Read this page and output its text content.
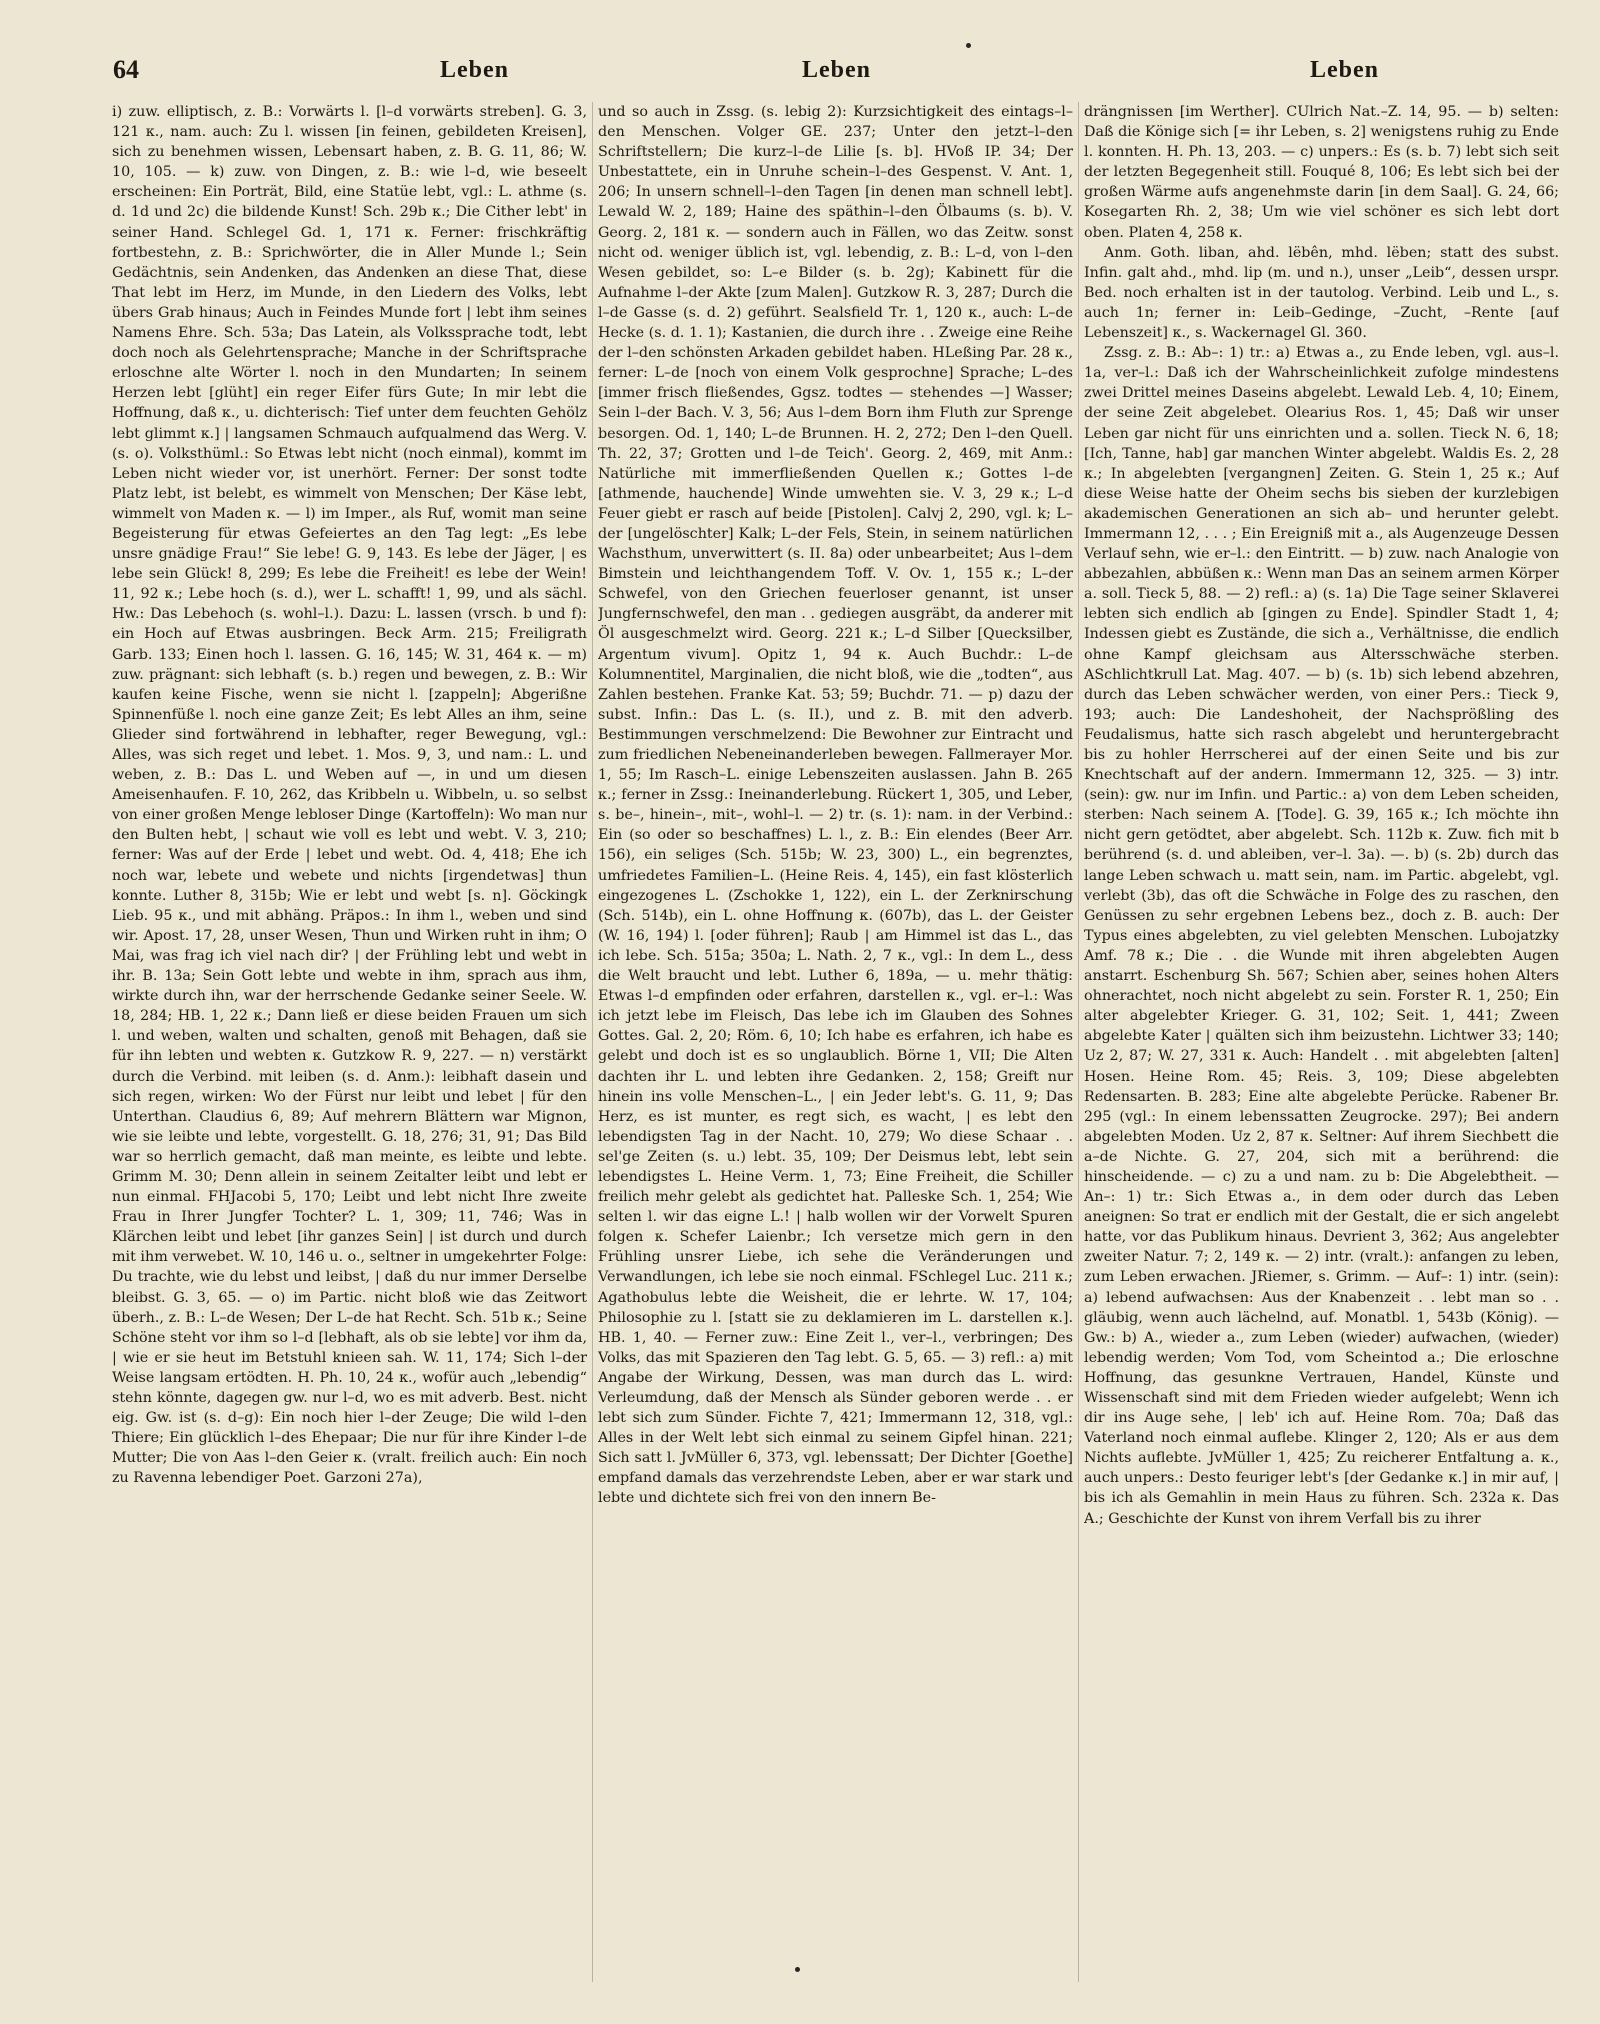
64	Leben	Leben	Leben

i) zuw. elliptisch, z. B.: Vorwärts l. [l–d vorwärts streben]. G. 3, 121 κ., nam. auch: Zu l. wissen [in feinen, gebildeten Kreisen], sich zu benehmen wissen, Lebensart haben, z. B. G. 11, 86; W. 10, 105. — k) zuw. von Dingen, z. B.: wie l–d, wie beseelt erscheinen: Ein Porträt, Bild, eine Statüe lebt, vgl.: L. athme (s. d. 1d und 2c) die bildende Kunst! Sch. 29b κ.; Die Cither lebt' in seiner Hand. Schlegel Gd. 1, 171 κ. Ferner: frischkräftig fortbestehn, z. B.: Sprichwörter, die in Aller Munde l.; Sein Gedächtnis, sein Andenken, das Andenken an diese That, diese That lebt im Herz, im Munde, in den Liedern des Volks, lebt übers Grab hinaus; Auch in Feindes Munde fort | lebt ihm seines Namens Ehre. Sch. 53a; Das Latein, als Volkssprache todt, lebt doch noch als Gelehrtensprache; Manche in der Schriftsprache erloschne alte Wörter l. noch in den Mundarten; In seinem Herzen lebt [glüht] ein reger Eifer fürs Gute; In mir lebt die Hoffnung, daß κ., u. dichterisch: Tief unter dem feuchten Gehölz lebt glimmt κ.] | langsamen Schmauch aufqualmend das Werg. V. (s. o). Volksthüml.: So Etwas lebt nicht (noch einmal), kommt im Leben nicht wieder vor, ist unerhört. Ferner: Der sonst todte Platz lebt, ist belebt, es wimmelt von Menschen; Der Käse lebt, wimmelt von Maden κ. — l) im Imper., als Ruf, womit man seine Begeisterung für etwas Gefeiertes an den Tag legt: „Es lebe unsre gnädige Frau!“ Sie lebe! G. 9, 143. Es lebe der Jäger, | es lebe sein Glück! 8, 299; Es lebe die Freiheit! es lebe der Wein! 11, 92 κ.; Lebe hoch (s. d.), wer L. schafft! 1, 99, und als sächl. Hw.: Das Lebehoch (s. wohl–l.). Dazu: L. lassen (vrsch. b und f): ein Hoch auf Etwas ausbringen. Beck Arm. 215; Freiligrath Garb. 133; Einen hoch l. lassen. G. 16, 145; W. 31, 464 κ. — m) zuw. prägnant: sich lebhaft (s. b.) regen und bewegen, z. B.: Wir kaufen keine Fische, wenn sie nicht l. [zappeln]; Abgerißne Spinnenfüße l. noch eine ganze Zeit; Es lebt Alles an ihm, seine Glieder sind fortwährend in lebhafter, reger Bewegung, vgl.: Alles, was sich reget und lebet. 1. Mos. 9, 3, und nam.: L. und weben, z. B.: Das L. und Weben auf —, in und um diesen Ameisenhaufen. F. 10, 262, das Kribbeln u. Wibbeln, u. so selbst von einer großen Menge lebloser Dinge (Kartoffeln): Wo man nur den Bulten hebt, | schaut wie voll es lebt und webt. V. 3, 210; ferner: Was auf der Erde | lebet und webt. Od. 4, 418; Ehe ich noch war, lebete und webete und nichts [irgendetwas] thun konnte. Luther 8, 315b; Wie er lebt und webt [s. n]. Göckingk Lieb. 95 κ., und mit abhäng. Präpos.: In ihm l., weben und sind wir. Apost. 17, 28, unser Wesen, Thun und Wirken ruht in ihm; O Mai, was frag ich viel nach dir? | der Frühling lebt und webt in ihr. B. 13a; Sein Gott lebte und webte in ihm, sprach aus ihm, wirkte durch ihn, war der herrschende Gedanke seiner Seele. W. 18, 284; HB. 1, 22 κ.; Dann ließ er diese beiden Frauen um sich l. und weben, walten und schalten, genoß mit Behagen, daß sie für ihn lebten und webten κ. Gutzkow R. 9, 227. — n) verstärkt durch die Verbind. mit leiben (s. d. Anm.): leibhaft dasein und sich regen, wirken: Wo der Fürst nur leibt und lebet | für den Unterthan. Claudius 6, 89; Auf mehrern Blättern war Mignon, wie sie leibte und lebte, vorgestellt. G. 18, 276; 31, 91; Das Bild war so herrlich gemacht, daß man meinte, es leibte und lebte. Grimm M. 30; Denn allein in seinem Zeitalter leibt und lebt er nun einmal. FHJacobi 5, 170; Leibt und lebt nicht Ihre zweite Frau in Ihrer Jungfer Tochter? L. 1, 309; 11, 746; Was in Klärchen leibt und lebet [ihr ganzes Sein] | ist durch und durch mit ihm verwebet. W. 10, 146 u. o., seltner in umgekehrter Folge: Du trachte, wie du lebst und leibst, | daß du nur immer Derselbe bleibst. G. 3, 65. — o) im Partic. nicht bloß wie das Zeitwort überh., z. B.: L–de Wesen; Der L–de hat Recht. Sch. 51b κ.; Seine Schöne steht vor ihm so l–d [lebhaft, als ob sie lebte] vor ihm da, | wie er sie heut im Betstuhl knieen sah. W. 11, 174; Sich l–der Weise langsam ertödten. H. Ph. 10, 24 κ., wofür auch „lebendig“ stehn könnte, dagegen gw. nur l–d, wo es mit adverb. Best. nicht eig. Gw. ist (s. d–g): Ein noch hier l–der Zeuge; Die wild l–den Thiere; Ein glücklich l–des Ehepaar; Die nur für ihre Kinder l–de Mutter; Die von Aas l–den Geier κ. (vralt. freilich auch: Ein noch zu Ravenna lebendiger Poet. Garzoni 27a),

und so auch in Zssg. (s. lebig 2): Kurzsichtigkeit des eintags–l–den Menschen. Volger GE. 237; Unter den jetzt–l–den Schriftstellern; Die kurz–l–de Lilie [s. b]. HVoß IP. 34; Der Unbestattete, ein in Unruhe schein–l–des Gespenst. V. Ant. 1, 206; In unsern schnell–l–den Tagen [in denen man schnell lebt]. Lewald W. 2, 189; Haine des späthin–l–den Ölbaums (s. b). V. Georg. 2, 181 κ. — sondern auch in Fällen, wo das Zeitw. sonst nicht od. weniger üblich ist, vgl. lebendig, z. B.: L–d, von l–den Wesen gebildet, so: L–e Bilder (s. b. 2g); Kabinett für die Aufnahme l–der Akte [zum Malen]. Gutzkow R. 3, 287; Durch die l–de Gasse (s. d. 2) geführt. Sealsfield Tr. 1, 120 κ., auch: L–de Hecke (s. d. 1. 1); Kastanien, die durch ihre . . Zweige eine Reihe der l–den schönsten Arkaden gebildet haben. HLeßing Par. 28 κ., ferner: L–de [noch von einem Volk gesprochne] Sprache; L–des [immer frisch fließendes, Ggsz. todtes — stehendes —] Wasser; Sein l–der Bach. V. 3, 56; Aus l–dem Born ihm Fluth zur Sprenge besorgen. Od. 1, 140; L–de Brunnen. H. 2, 272; Den l–den Quell. Th. 22, 37; Grotten und l–de Teich'. Georg. 2, 469, mit Anm.: Natürliche mit immerfließenden Quellen κ.; Gottes l–de [athmende, hauchende] Winde umwehten sie. V. 3, 29 κ.; L–d Feuer giebt er rasch auf beide [Pistolen]. Calvj 2, 290, vgl. k; L–der [ungelöschter] Kalk; L–der Fels, Stein, in seinem natürlichen Wachsthum, unverwittert (s. II. 8a) oder unbearbeitet; Aus l–dem Bimstein und leichthangendem Toff. V. Ov. 1, 155 κ.; L–der Schwefel, von den Griechen feuerloser genannt, ist unser Jungfernschwefel, den man . . gediegen ausgräbt, da anderer mit Öl ausgeschmelzt wird. Georg. 221 κ.; L–d Silber [Quecksilber, Argentum vivum]. Opitz 1, 94 κ. Auch Buchdr.: L–de Kolumnentitel, Marginalien, die nicht bloß, wie die „todten“, aus Zahlen bestehen. Franke Kat. 53; 59; Buchdr. 71. — p) dazu der subst. Infin.: Das L. (s. II.), und z. B. mit den adverb. Bestimmungen verschmelzend: Die Bewohner zur Eintracht und zum friedlichen Nebeneinanderleben bewegen. Fallmerayer Mor. 1, 55; Im Rasch–L. einige Lebenszeiten auslassen. Jahn B. 265 κ.; ferner in Zssg.: Ineinanderlebung. Rückert 1, 305, und Leber, s. be–, hinein–, mit–, wohl–l. — 2) tr. (s. 1): nam. in der Verbind.: Ein (so oder so beschaffnes) L. l., z. B.: Ein elendes (Beer Arr. 156), ein seliges (Sch. 515b; W. 23, 300) L., ein begrenztes, umfriedetes Familien–L. (Heine Reis. 4, 145), ein fast klösterlich eingezogenes L. (Zschokke 1, 122), ein L. der Zerknirschung (Sch. 514b), ein L. ohne Hoffnung κ. (607b), das L. der Geister (W. 16, 194) l. [oder führen]; Raub | am Himmel ist das L., das ich lebe. Sch. 515a; 350a; L. Nath. 2, 7 κ., vgl.: In dem L., dess die Welt braucht und lebt. Luther 6, 189a, — u. mehr thätig: Etwas l–d empfinden oder erfahren, darstellen κ., vgl. er–l.: Was ich jetzt lebe im Fleisch, Das lebe ich im Glauben des Sohnes Gottes. Gal. 2, 20; Röm. 6, 10; Ich habe es erfahren, ich habe es gelebt und doch ist es so unglaublich. Börne 1, VII; Die Alten dachten ihr L. und lebten ihre Gedanken. 2, 158; Greift nur hinein ins volle Menschen–L., | ein Jeder lebt's. G. 11, 9; Das Herz, es ist munter, es regt sich, es wacht, | es lebt den lebendigsten Tag in der Nacht. 10, 279; Wo diese Schaar . . sel'ge Zeiten (s. u.) lebt. 35, 109; Der Deismus lebt, lebt sein lebendigstes L. Heine Verm. 1, 73; Eine Freiheit, die Schiller freilich mehr gelebt als gedichtet hat. Palleske Sch. 1, 254; Wie selten l. wir das eigne L.! | halb wollen wir der Vorwelt Spuren folgen κ. Schefer Laienbr.; Ich versetze mich gern in den Frühling unsrer Liebe, ich sehe die Veränderungen und Verwandlungen, ich lebe sie noch einmal. FSchlegel Luc. 211 κ.; Agathobulus lebte die Weisheit, die er lehrte. W. 17, 104; Philosophie zu l. [statt sie zu deklamieren im L. darstellen κ.]. HB. 1, 40. — Ferner zuw.: Eine Zeit l., ver–l., verbringen; Des Volks, das mit Spazieren den Tag lebt. G. 5, 65. — 3) refl.: a) mit Angabe der Wirkung, Dessen, was man durch das L. wird: Verleumdung, daß der Mensch als Sünder geboren werde . . er lebt sich zum Sünder. Fichte 7, 421; Immermann 12, 318, vgl.: Alles in der Welt lebt sich einmal zu seinem Gipfel hinan. 221; Sich satt l. JvMüller 6, 373, vgl. lebenssatt; Der Dichter [Goethe] empfand damals das verzehrendste Leben, aber er war stark und lebte und dichtete sich frei von den innern Be-

drängnissen [im Werther]. CUlrich Nat.–Z. 14, 95. — b) selten: Daß die Könige sich [= ihr Leben, s. 2] wenigstens ruhig zu Ende l. konnten. H. Ph. 13, 203. — c) unpers.: Es (s. b. 7) lebt sich seit der letzten Begegenheit still. Fouqué 8, 106; Es lebt sich bei der großen Wärme aufs angenehmste darin [in dem Saal]. G. 24, 66; Kosegarten Rh. 2, 38; Um wie viel schöner es sich lebt dort oben. Platen 4, 258 κ.

Anm. Goth. liban, ahd. lëbên, mhd. lëben; statt des subst. Infin. galt ahd., mhd. lip (m. und n.), unser „Leib“, dessen urspr. Bed. noch erhalten ist in der tautolog. Verbind. Leib und L., s. auch 1n; ferner in: Leib–Gedinge, –Zucht, –Rente [auf Lebenszeit] κ., s. Wackernagel Gl. 360.

Zssg. z. B.: Ab–: 1) tr.: a) Etwas a., zu Ende leben, vgl. aus–l. 1a, ver–l.: Daß ich der Wahrscheinlichkeit zufolge mindestens zwei Drittel meines Daseins abgelebt. Lewald Leb. 4, 10; Einem, der seine Zeit abgelebet. Olearius Ros. 1, 45; Daß wir unser Leben gar nicht für uns einrichten und a. sollen. Tieck N. 6, 18; [Ich, Tanne, hab] gar manchen Winter abgelebt. Waldis Es. 2, 28 κ.; In abgelebten [vergangnen] Zeiten. G. Stein 1, 25 κ.; Auf diese Weise hatte der Oheim sechs bis sieben der kurzlebigen akademischen Generationen an sich ab– und herunter gelebt. Immermann 12, . . . ; Ein Ereigniß mit a., als Augenzeuge Dessen Verlauf sehn, wie er–l.: den Eintritt. — b) zuw. nach Analogie von abbezahlen, abbüßen κ.: Wenn man Das an seinem armen Körper a. soll. Tieck 5, 88. — 2) refl.: a) (s. 1a) Die Tage seiner Sklaverei lebten sich endlich ab [gingen zu Ende]. Spindler Stadt 1, 4; Indessen giebt es Zustände, die sich a., Verhältnisse, die endlich ohne Kampf gleichsam aus Altersschwäche sterben. ASchlichtkrull Lat. Mag. 407. — b) (s. 1b) sich lebend abzehren, durch das Leben schwächer werden, von einer Pers.: Tieck 9, 193; auch: Die Landeshoheit, der Nachsprößling des Feudalismus, hatte sich rasch abgelebt und heruntergebracht bis zu hohler Herrscherei auf der einen Seite und bis zur Knechtschaft auf der andern. Immermann 12, 325. — 3) intr. (sein): gw. nur im Infin. und Partic.: a) von dem Leben scheiden, sterben: Nach seinem A. [Tode]. G. 39, 165 κ.; Ich möchte ihn nicht gern getödtet, aber abgelebt. Sch. 112b κ. Zuw. fich mit b berührend (s. d. und ableiben, ver–l. 3a). —. b) (s. 2b) durch das lange Leben schwach u. matt sein, nam. im Partic. abgelebt, vgl. verlebt (3b), das oft die Schwäche in Folge des zu raschen, den Genüssen zu sehr ergebnen Lebens bez., doch z. B. auch: Der Typus eines abgelebten, zu viel gelebten Menschen. Lubojatzky Amf. 78 κ.; Die . . die Wunde mit ihren abgelebten Augen anstarrt. Eschenburg Sh. 567; Schien aber, seines hohen Alters ohnerachtet, noch nicht abgelebt zu sein. Forster R. 1, 250; Ein alter abgelebter Krieger. G. 31, 102; Seit. 1, 441; Zween abgelebte Kater | quälten sich ihm beizustehn. Lichtwer 33; 140; Uz 2, 87; W. 27, 331 κ. Auch: Handelt . . mit abgelebten [alten] Hosen. Heine Rom. 45; Reis. 3, 109; Diese abgelebten Redensarten. B. 283; Eine alte abgelebte Perücke. Rabener Br. 295 (vgl.: In einem lebenssatten Zeugrocke. 297); Bei andern abgelebten Moden. Uz 2, 87 κ. Seltner: Auf ihrem Siechbett die a–de Nichte. G. 27, 204, sich mit a berührend: die hinscheidende. — c) zu a und nam. zu b: Die Abgelebtheit. — An–: 1) tr.: Sich Etwas a., in dem oder durch das Leben aneignen: So trat er endlich mit der Gestalt, die er sich angelebt hatte, vor das Publikum hinaus. Devrient 3, 362; Aus angelebter zweiter Natur. 7; 2, 149 κ. — 2) intr. (vralt.): anfangen zu leben, zum Leben erwachen. JRiemer, s. Grimm. — Auf–: 1) intr. (sein): a) lebend aufwachsen: Aus der Knabenzeit . . lebt man so . . gläubig, wenn auch lächelnd, auf. Monatbl. 1, 543b (König). — Gw.: b) A., wieder a., zum Leben (wieder) aufwachen, (wieder) lebendig werden; Vom Tod, vom Scheintod a.; Die erloschne Hoffnung, das gesunkne Vertrauen, Handel, Künste und Wissenschaft sind mit dem Frieden wieder aufgelebt; Wenn ich dir ins Auge sehe, | leb' ich auf. Heine Rom. 70a; Daß das Vaterland noch einmal auflebe. Klinger 2, 120; Als er aus dem Nichts auflebte. JvMüller 1, 425; Zu reicherer Entfaltung a. κ., auch unpers.: Desto feuriger lebt's [der Gedanke κ.] in mir auf, | bis ich als Gemahlin in mein Haus zu führen. Sch. 232a κ. Das A.; Geschichte der Kunst von ihrem Verfall bis zu ihrer
